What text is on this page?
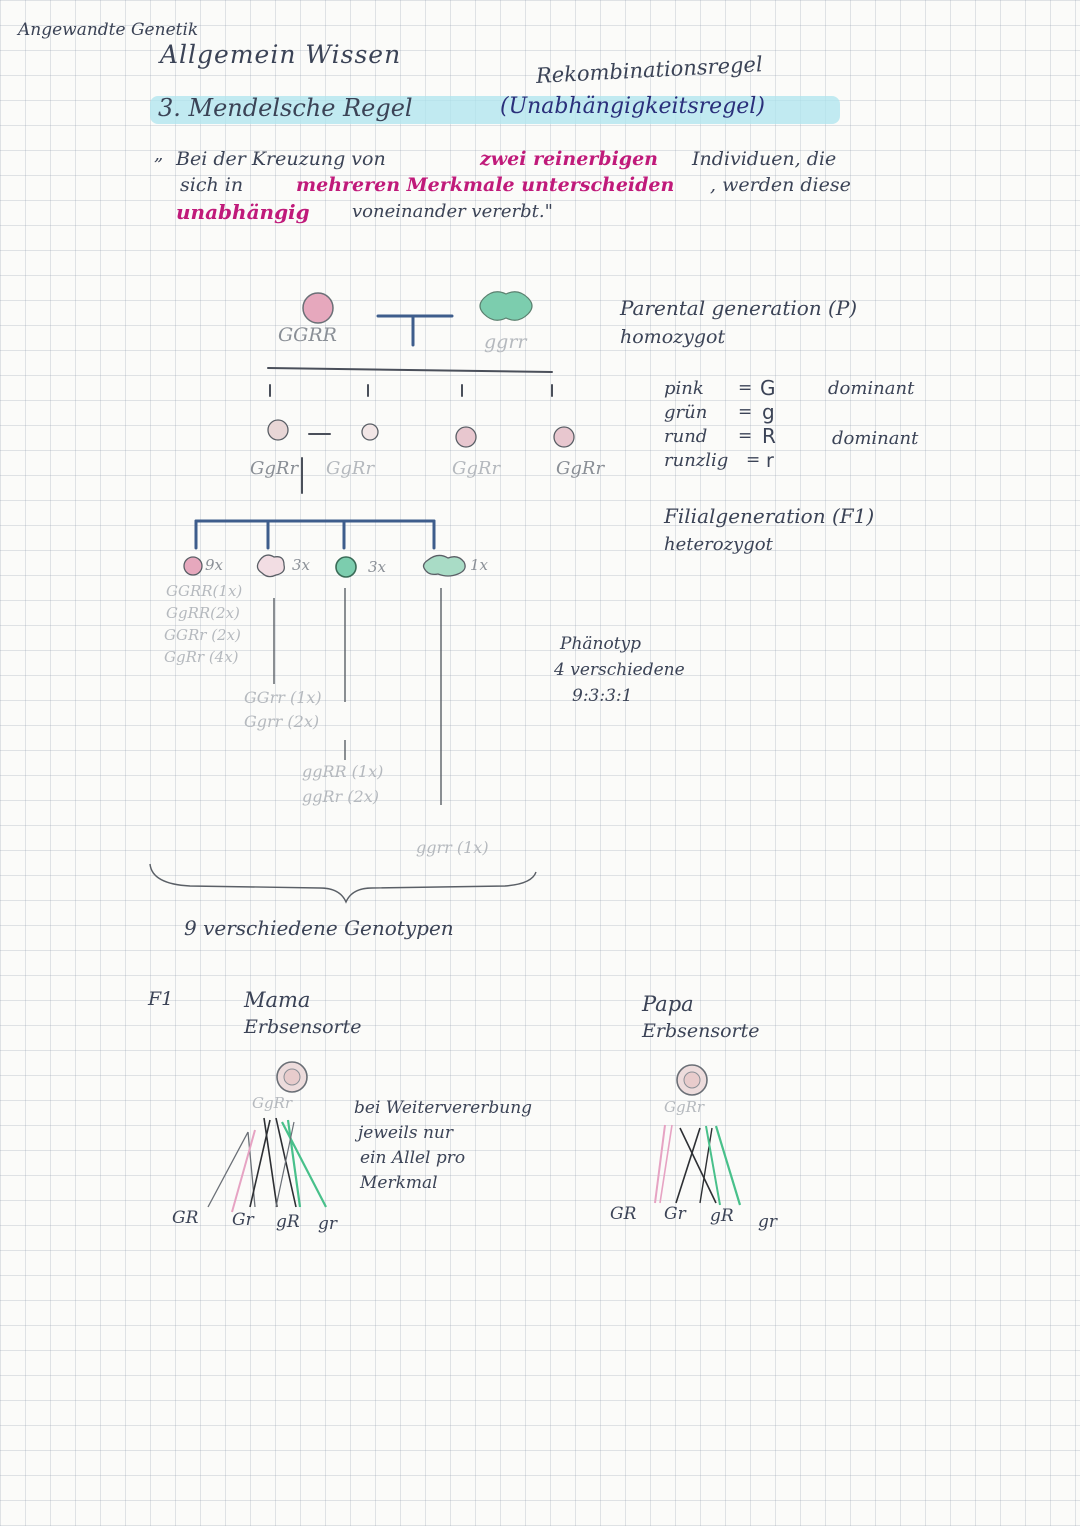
Angewandte Genetik
Allgemein Wissen	Rekombinationsregel
3. Mendelsche Regel	(Unabhängigkeitsregel)
„ Bei der Kreuzung von	zwei reinerbigen Individuen, die
sich in	mehreren Merkmale unterscheiden , werden diese
unabhängig voneinander vererbt."
GGRR	ggrr
Parental generation (P)
homozygot
pink = G
grün = g
rund = R
runzlig = r
dominant
dominant
GgRr GgRr	GgRr	GgRr
Filialgeneration (F1)
heterozygot
9x	3x	3x	1x
GGRR(1x)
GgRR(2x)
GGRr (2x)
GgRr (4x)
GGrr (1x)
Ggrr (2x)
ggRR (1x)
ggRr (2x)
ggrr (1x)
9 verschiedene Genotypen
Phänotyp
4 verschiedene
9:3:3:1
F1	Mama
Erbsensorte
GgRr
GR Gr gR gr
bei Weitervererbung
jeweils nur
ein Allel pro
Merkmal
Papa
Erbsensorte
GgRr
GR Gr gR gr
